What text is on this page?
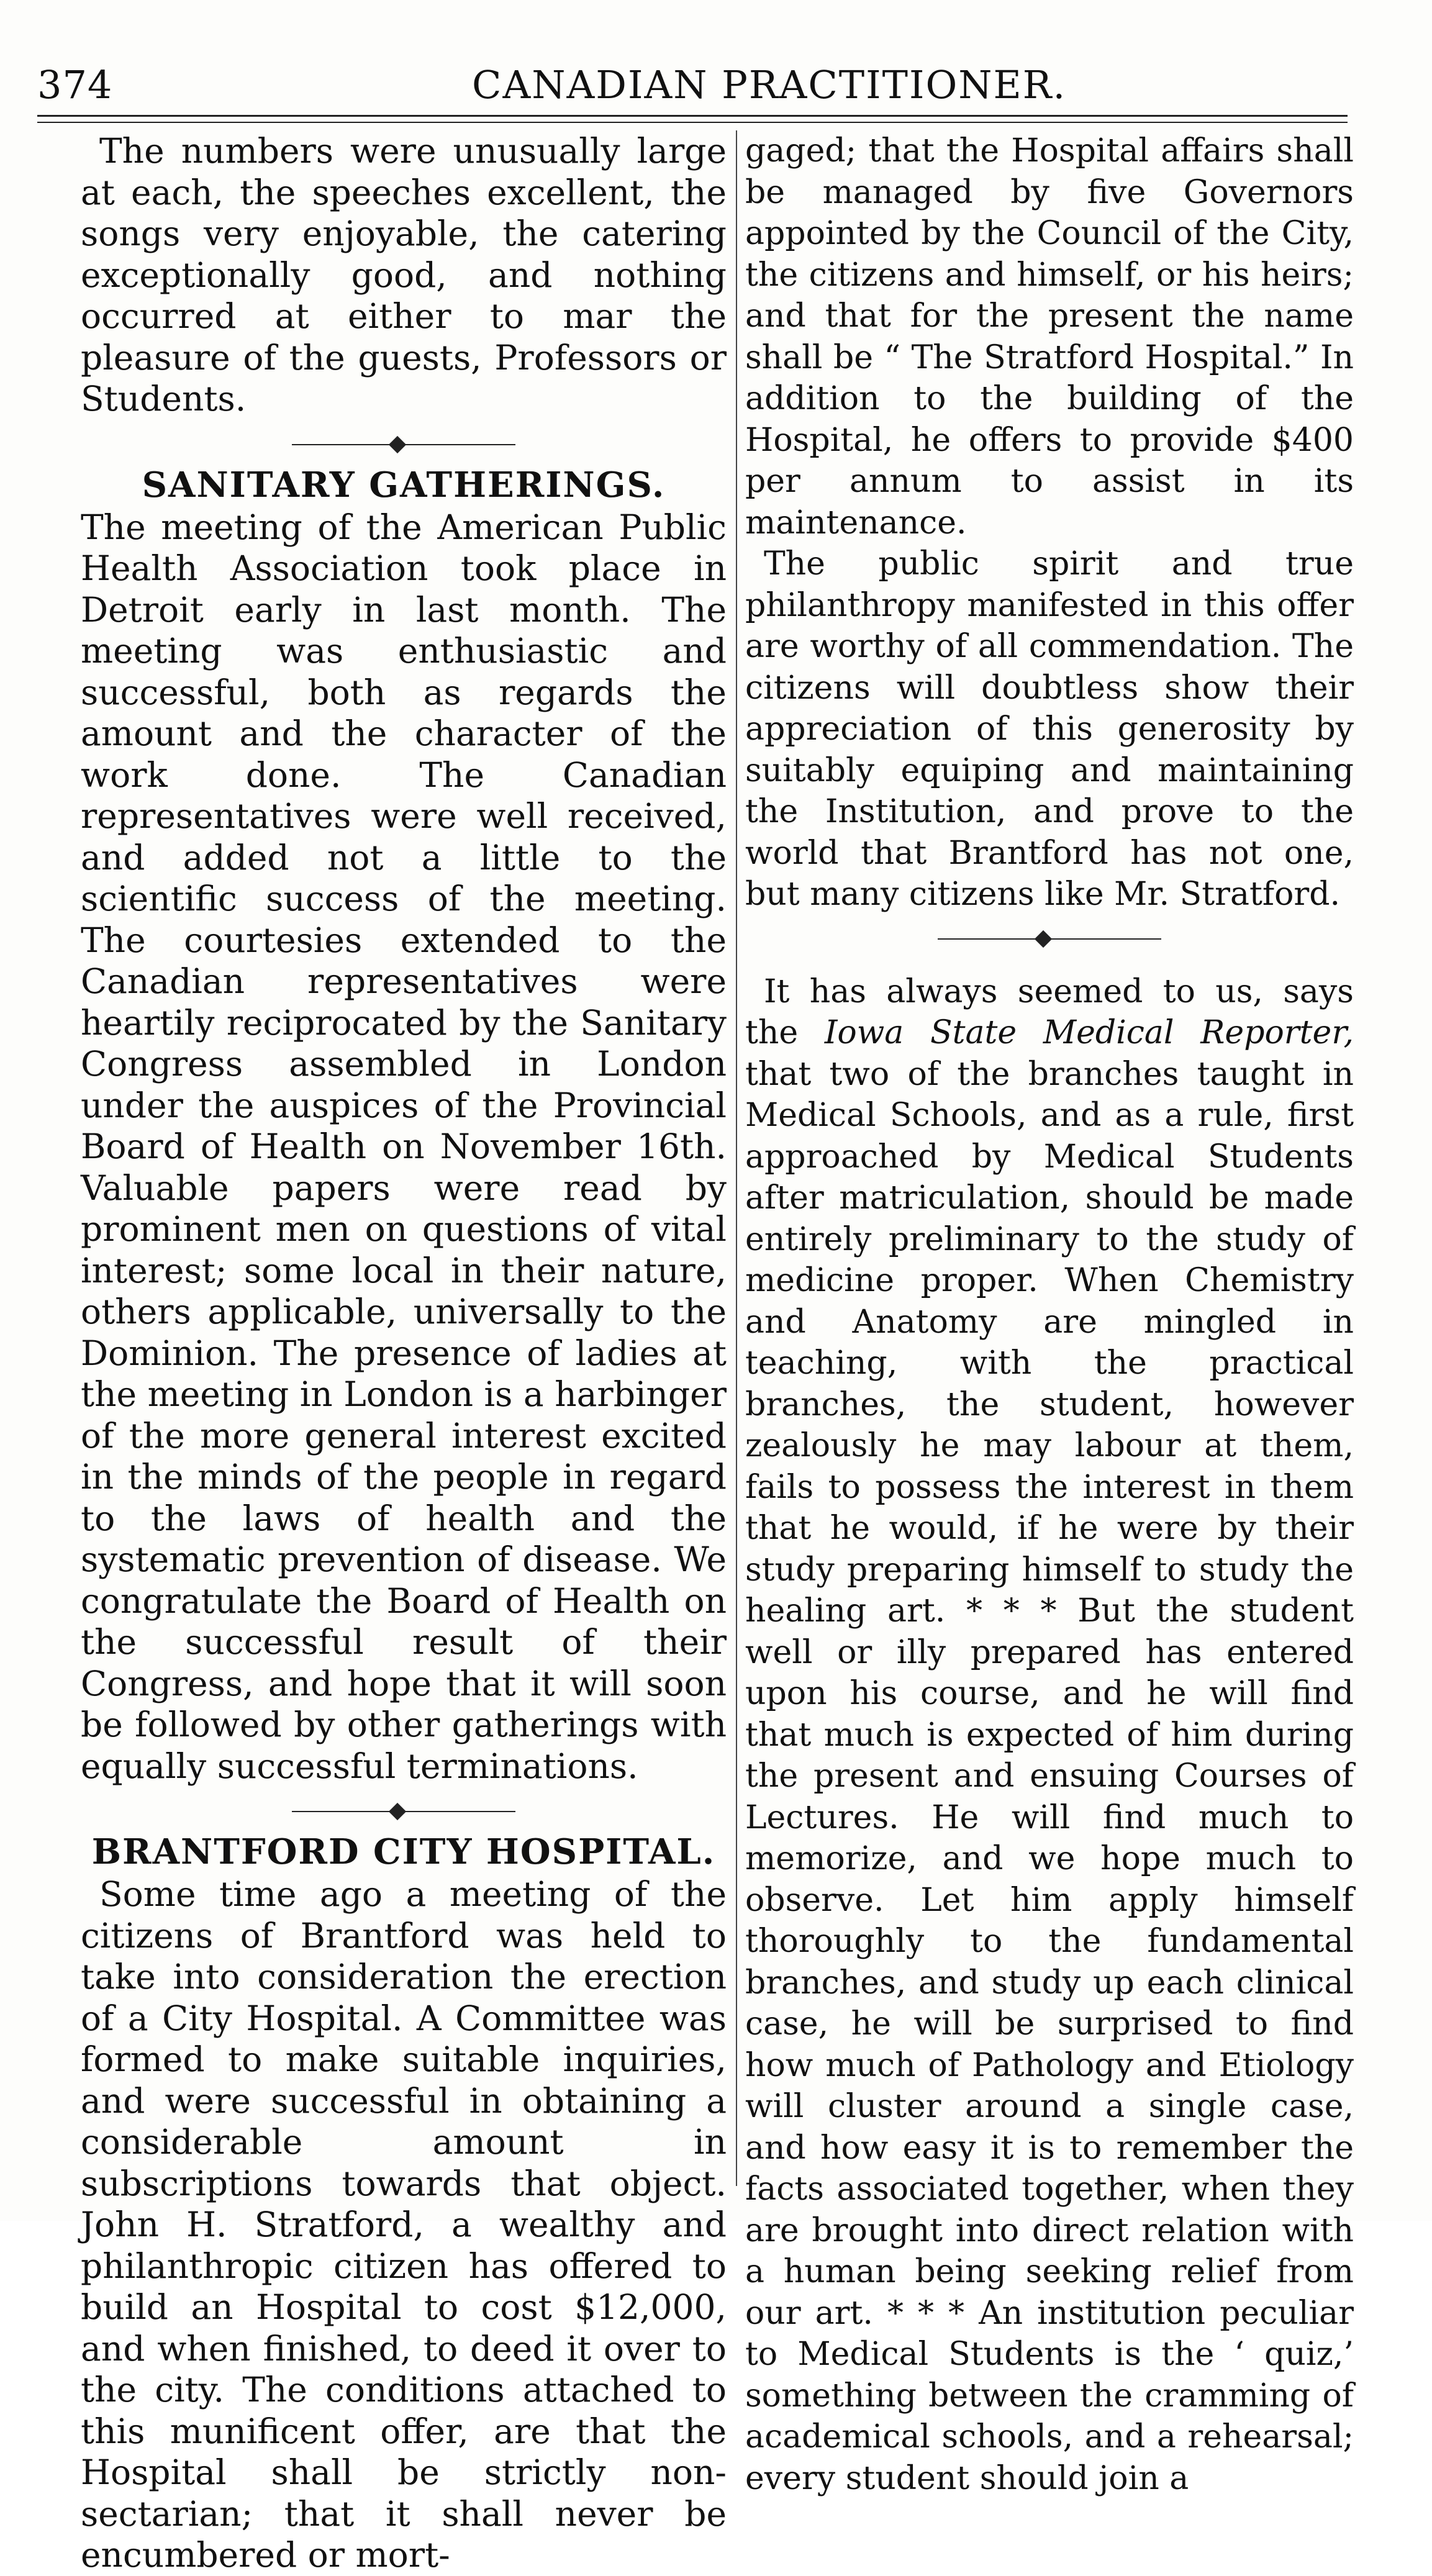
374	CANADIAN PRACTITIONER.

The numbers were unusually large at each, the speeches excellent, the songs very enjoyable, the catering exceptionally good, and nothing occurred at either to mar the pleasure of the guests, Professors or Students.

SANITARY GATHERINGS.

The meeting of the American Public Health Association took place in Detroit early in last month. The meeting was enthusiastic and successful, both as regards the amount and the character of the work done. The Canadian representatives were well received, and added not a little to the scientific success of the meeting. The courtesies extended to the Canadian representatives were heartily reciprocated by the Sanitary Congress assembled in London under the auspices of the Provincial Board of Health on November 16th. Valuable papers were read by prominent men on questions of vital interest; some local in their nature, others applicable, universally to the Dominion. The presence of ladies at the meeting in London is a harbinger of the more general interest excited in the minds of the people in regard to the laws of health and the systematic prevention of disease. We congratulate the Board of Health on the successful result of their Congress, and hope that it will soon be followed by other gatherings with equally successful terminations.

BRANTFORD CITY HOSPITAL.

Some time ago a meeting of the citizens of Brantford was held to take into consideration the erection of a City Hospital. A Committee was formed to make suitable inquiries, and were successful in obtaining a considerable amount in subscriptions towards that object. John H. Stratford, a wealthy and philanthropic citizen has offered to build an Hospital to cost $12,000, and when finished, to deed it over to the city. The conditions attached to this munificent offer, are that the Hospital shall be strictly non-sectarian; that it shall never be encumbered or mort-

gaged; that the Hospital affairs shall be managed by five Governors appointed by the Council of the City, the citizens and himself, or his heirs; and that for the present the name shall be “ The Stratford Hospital.” In addition to the building of the Hospital, he offers to provide $400 per annum to assist in its maintenance.

The public spirit and true philanthropy manifested in this offer are worthy of all commendation. The citizens will doubtless show their appreciation of this generosity by suitably equiping and maintaining the Institution, and prove to the world that Brantford has not one, but many citizens like Mr. Stratford.

It has always seemed to us, says the Iowa State Medical Reporter, that two of the branches taught in Medical Schools, and as a rule, first approached by Medical Students after matriculation, should be made entirely preliminary to the study of medicine proper. When Chemistry and Anatomy are mingled in teaching, with the practical branches, the student, however zealously he may labour at them, fails to possess the interest in them that he would, if he were by their study preparing himself to study the healing art. * * * But the student well or illy prepared has entered upon his course, and he will find that much is expected of him during the present and ensuing Courses of Lectures. He will find much to memorize, and we hope much to observe. Let him apply himself thoroughly to the fundamental branches, and study up each clinical case, he will be surprised to find how much of Pathology and Etiology will cluster around a single case, and how easy it is to remember the facts associated together, when they are brought into direct relation with a human being seeking relief from our art. * * * An institution peculiar to Medical Students is the ‘ quiz,’ something between the cramming of academical schools, and a rehearsal; every student should join a
